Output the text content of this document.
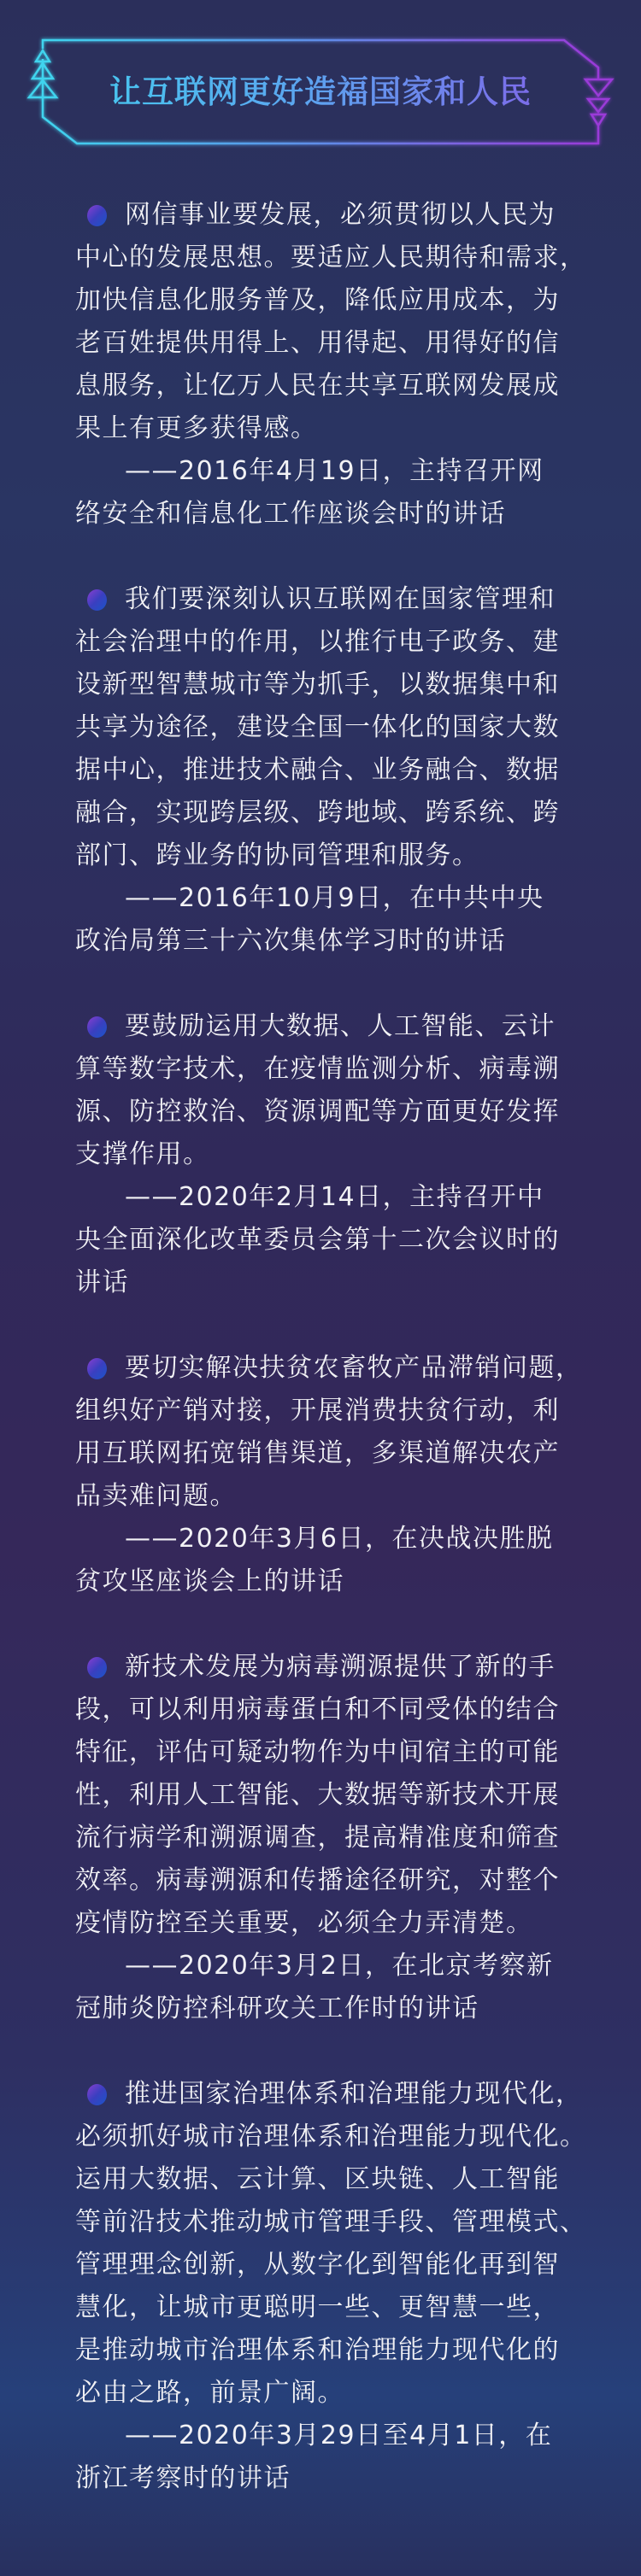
让互联网更好造福国家和人民
网信事业要发展，必须贯彻以人民为
中心的发展思想。要适应人民期待和需求，
加快信息化服务普及，降低应用成本，为
老百姓提供用得上、用得起、用得好的信
息服务，让亿万人民在共享互联网发展成
果上有更多获得感。
——2016年4月19日，主持召开网
络安全和信息化工作座谈会时的讲话
我们要深刻认识互联网在国家管理和
社会治理中的作用，以推行电子政务、建
设新型智慧城市等为抓手，以数据集中和
共享为途径，建设全国一体化的国家大数
据中心，推进技术融合、业务融合、数据
融合，实现跨层级、跨地域、跨系统、跨
部门、跨业务的协同管理和服务。
——2016年10月9日，在中共中央
政治局第三十六次集体学习时的讲话
要鼓励运用大数据、人工智能、云计
算等数字技术，在疫情监测分析、病毒溯
源、防控救治、资源调配等方面更好发挥
支撑作用。
——2020年2月14日，主持召开中
央全面深化改革委员会第十二次会议时的
讲话
要切实解决扶贫农畜牧产品滞销问题，
组织好产销对接，开展消费扶贫行动，利
用互联网拓宽销售渠道，多渠道解决农产
品卖难问题。
——2020年3月6日，在决战决胜脱
贫攻坚座谈会上的讲话
新技术发展为病毒溯源提供了新的手
段，可以利用病毒蛋白和不同受体的结合
特征，评估可疑动物作为中间宿主的可能
性，利用人工智能、大数据等新技术开展
流行病学和溯源调查，提高精准度和筛查
效率。病毒溯源和传播途径研究，对整个
疫情防控至关重要，必须全力弄清楚。
——2020年3月2日，在北京考察新
冠肺炎防控科研攻关工作时的讲话
推进国家治理体系和治理能力现代化，
必须抓好城市治理体系和治理能力现代化。
运用大数据、云计算、区块链、人工智能
等前沿技术推动城市管理手段、管理模式、
管理理念创新，从数字化到智能化再到智
慧化，让城市更聪明一些、更智慧一些，
是推动城市治理体系和治理能力现代化的
必由之路，前景广阔。
——2020年3月29日至4月1日，在
浙江考察时的讲话
